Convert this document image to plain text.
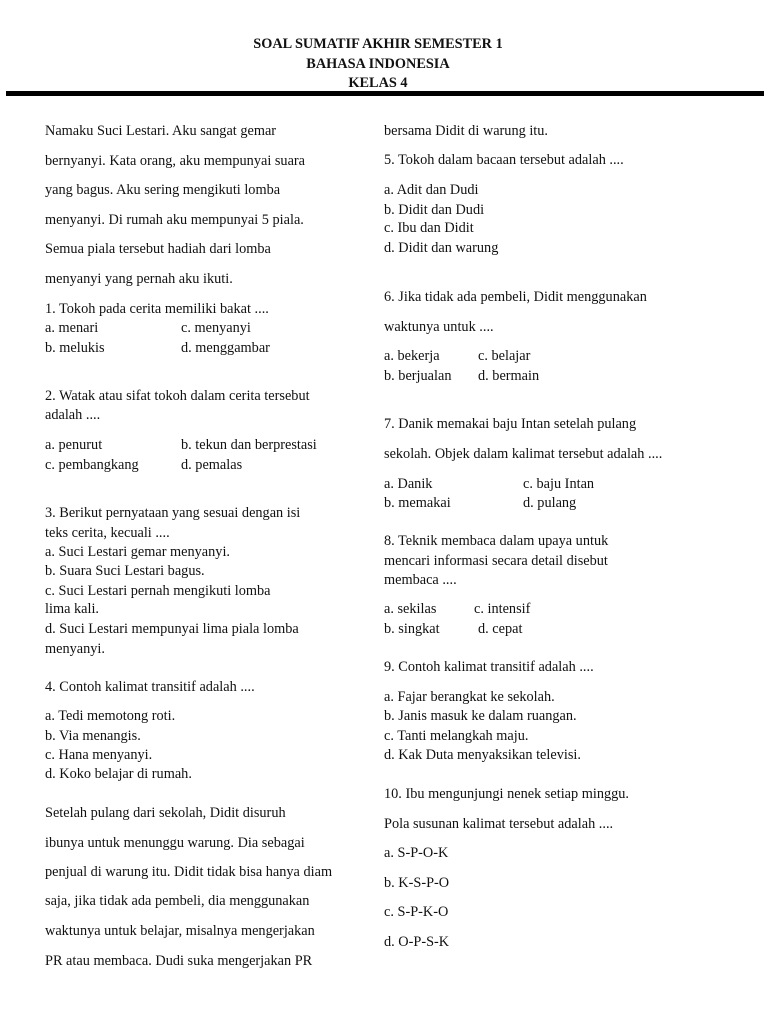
SOAL SUMATIF AKHIR SEMESTER 1
BAHASA INDONESIA
KELAS 4
Namaku Suci Lestari. Aku sangat gemar
bernyanyi. Kata orang, aku mempunyai suara
yang bagus. Aku sering mengikuti lomba
menyanyi. Di rumah aku mempunyai 5 piala.
Semua piala tersebut hadiah dari lomba
menyanyi yang pernah aku ikuti.
1. Tokoh pada cerita memiliki bakat ....
a. menari	c. menyanyi
b. melukis	d. menggambar
2. Watak atau sifat tokoh dalam cerita tersebut
adalah ....
a. penurut	b. tekun dan berprestasi
c. pembangkang	d. pemalas
3. Berikut pernyataan yang sesuai dengan isi
teks cerita, kecuali ....
a. Suci Lestari gemar menyanyi.
b. Suara Suci Lestari bagus.
c. Suci Lestari pernah mengikuti lomba
lima kali.
d. Suci Lestari mempunyai lima piala lomba
menyanyi.
4. Contoh kalimat transitif adalah ....
a. Tedi memotong roti.
b. Via menangis.
c. Hana menyanyi.
d. Koko belajar di rumah.
Setelah pulang dari sekolah, Didit disuruh
ibunya untuk menunggu warung. Dia sebagai
penjual di warung itu. Didit tidak bisa hanya diam
saja, jika tidak ada pembeli, dia menggunakan
waktunya untuk belajar, misalnya mengerjakan
PR atau membaca. Dudi suka mengerjakan PR
bersama Didit di warung itu.
5. Tokoh dalam bacaan tersebut adalah ....
a. Adit dan Dudi
b. Didit dan Dudi
c. Ibu dan Didit
d. Didit dan warung
6. Jika tidak ada pembeli, Didit menggunakan
waktunya untuk ....
a. bekerja	c. belajar
b. berjualan d. bermain
7. Danik memakai baju Intan setelah pulang
sekolah. Objek dalam kalimat tersebut adalah ....
a. Danik	c. baju Intan
b. memakai	d. pulang
8. Teknik membaca dalam upaya untuk
mencari informasi secara detail disebut
membaca ....
a. sekilas	c. intensif
b. singkat	d. cepat
9. Contoh kalimat transitif adalah ....
a. Fajar berangkat ke sekolah.
b. Janis masuk ke dalam ruangan.
c. Tanti melangkah maju.
d. Kak Duta menyaksikan televisi.
10. Ibu mengunjungi nenek setiap minggu.
Pola susunan kalimat tersebut adalah ....
a. S-P-O-K
b. K-S-P-O
c. S-P-K-O
d. O-P-S-K
